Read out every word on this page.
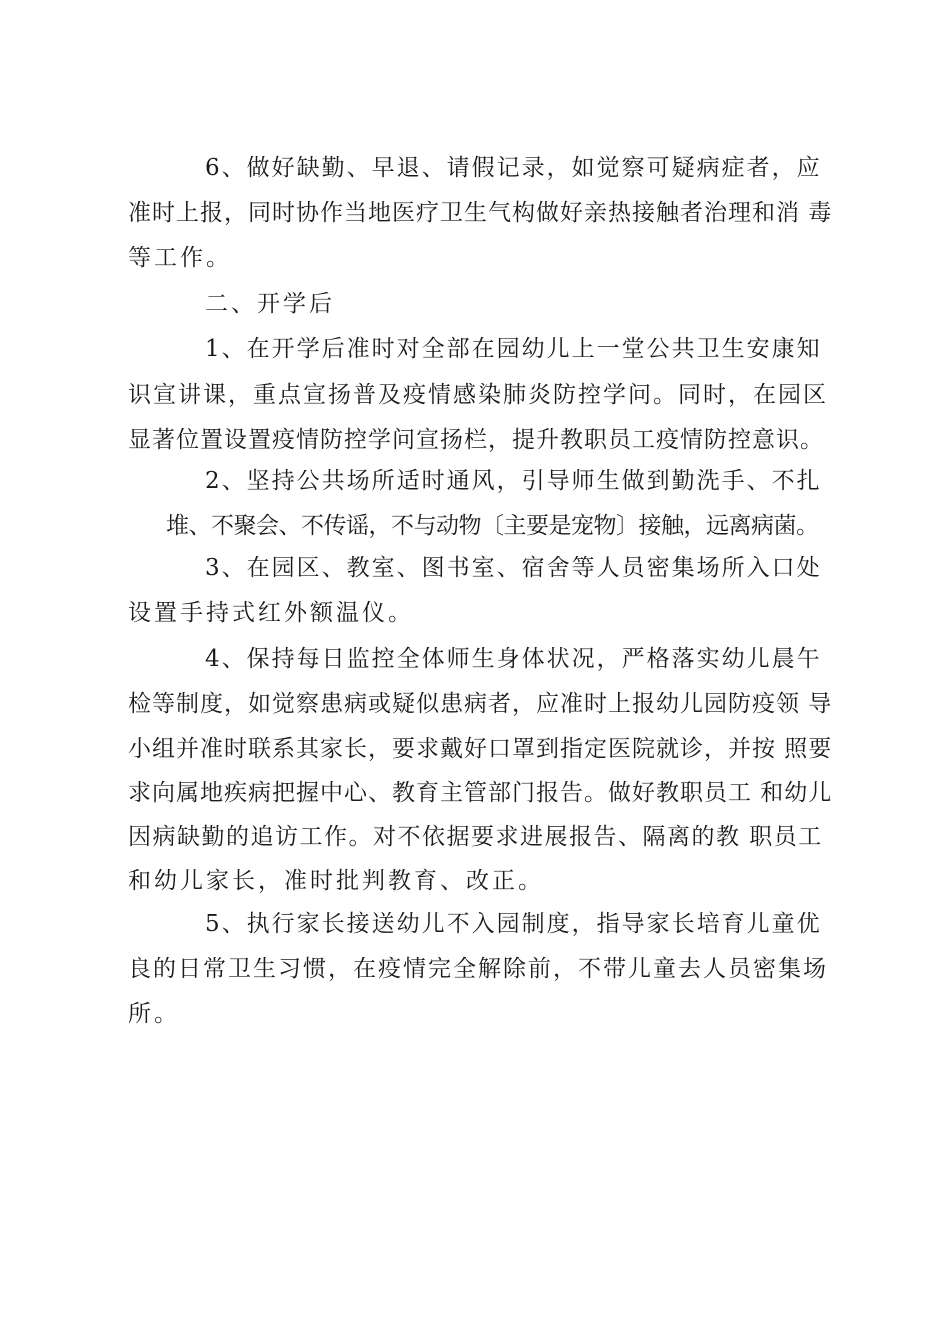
6、做好缺勤、早退、请假记录，如觉察可疑病症者，应
准时上报，同时协作当地医疗卫生气构做好亲热接触者治理和消 毒
等工作。
二、开学后
1、在开学后准时对全部在园幼儿上一堂公共卫生安康知
识宣讲课，重点宣扬普及疫情感染肺炎防控学问。同时，在园区
显著位置设置疫情防控学问宣扬栏，提升教职员工疫情防控意识。
2、坚持公共场所适时通风，引导师生做到勤洗手、不扎
堆、不聚会、不传谣，不与动物〔主要是宠物〕接触，远离病菌。
3、在园区、教室、图书室、宿舍等人员密集场所入口处
设置手持式红外额温仪。
4、保持每日监控全体师生身体状况，严格落实幼儿晨午
检等制度，如觉察患病或疑似患病者，应准时上报幼儿园防疫领 导
小组并准时联系其家长，要求戴好口罩到指定医院就诊，并按 照要
求向属地疾病把握中心、教育主管部门报告。做好教职员工 和幼儿
因病缺勤的追访工作。对不依据要求进展报告、隔离的教 职员工
和幼儿家长，准时批判教育、改正。
5、执行家长接送幼儿不入园制度，指导家长培育儿童优
良的日常卫生习惯，在疫情完全解除前，不带儿童去人员密集场
所。
